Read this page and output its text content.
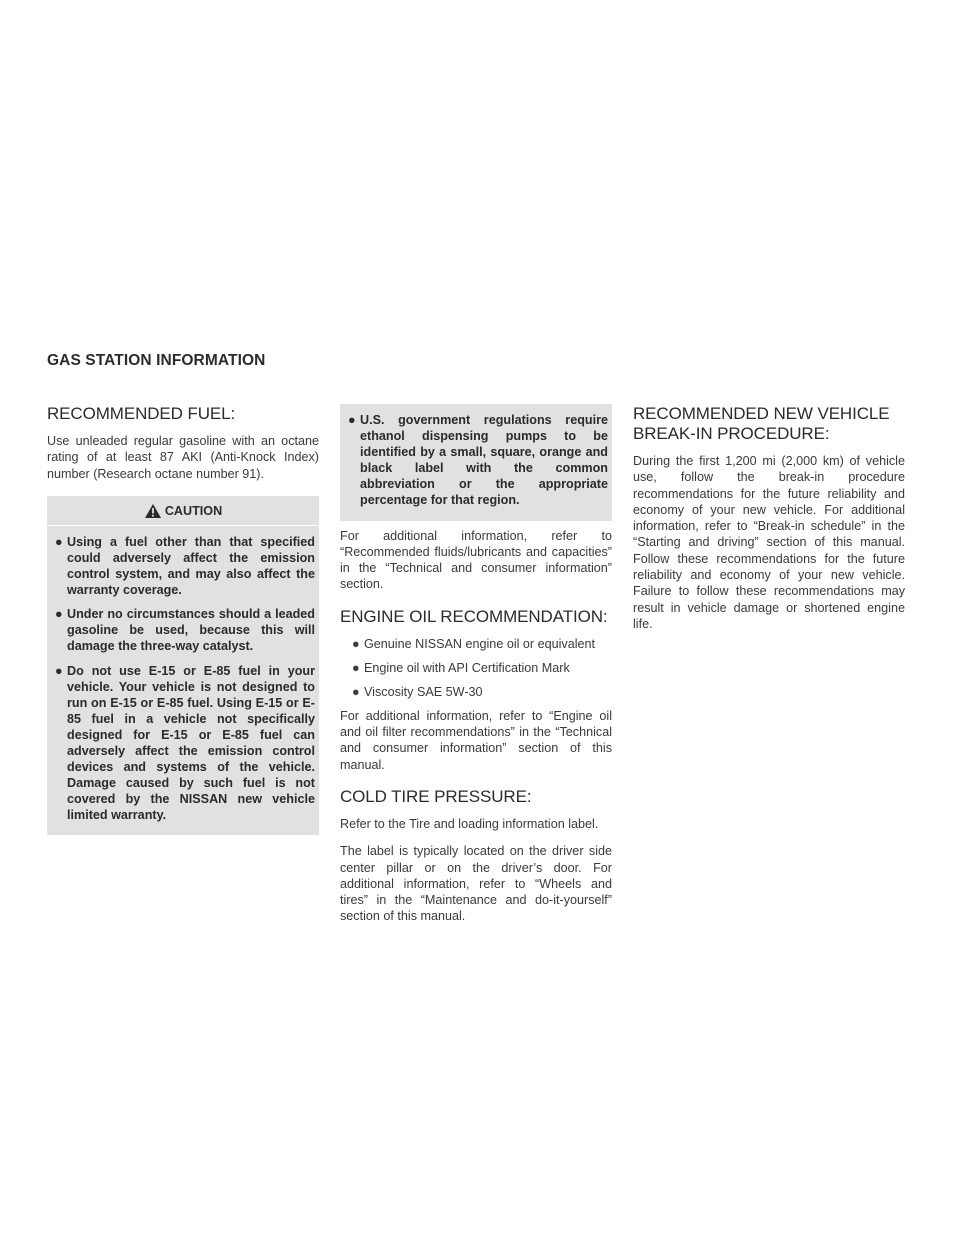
GAS STATION INFORMATION
RECOMMENDED FUEL:

Use unleaded regular gasoline with an octane rating of at least 87 AKI (Anti-Knock Index) number (Research octane number 91).

CAUTION
● Using a fuel other than that specified could adversely affect the emission control system, and may also affect the warranty coverage.
● Under no circumstances should a leaded gasoline be used, because this will damage the three-way catalyst.
● Do not use E-15 or E-85 fuel in your vehicle. Your vehicle is not designed to run on E-15 or E-85 fuel. Using E-15 or E-85 fuel in a vehicle not specifically designed for E-15 or E-85 fuel can adversely affect the emission control devices and systems of the vehicle. Damage caused by such fuel is not covered by the NISSAN new vehicle limited warranty.
● U.S. government regulations require ethanol dispensing pumps to be identified by a small, square, orange and black label with the common abbreviation or the appropriate percentage for that region.

For additional information, refer to “Recommended fluids/lubricants and capacities” in the “Technical and consumer information” section.

ENGINE OIL RECOMMENDATION:
● Genuine NISSAN engine oil or equivalent
● Engine oil with API Certification Mark
● Viscosity SAE 5W-30

For additional information, refer to “Engine oil and oil filter recommendations” in the “Technical and consumer information” section of this manual.

COLD TIRE PRESSURE:

Refer to the Tire and loading information label.

The label is typically located on the driver side center pillar or on the driver’s door. For additional information, refer to “Wheels and tires” in the “Maintenance and do-it-yourself” section of this manual.

RECOMMENDED NEW VEHICLE
BREAK-IN PROCEDURE:

During the first 1,200 mi (2,000 km) of vehicle use, follow the break-in procedure recommendations for the future reliability and economy of your new vehicle. For additional information, refer to “Break-in schedule” in the “Starting and driving” section of this manual. Follow these recommendations for the future reliability and economy of your new vehicle. Failure to follow these recommendations may result in vehicle damage or shortened engine life.
